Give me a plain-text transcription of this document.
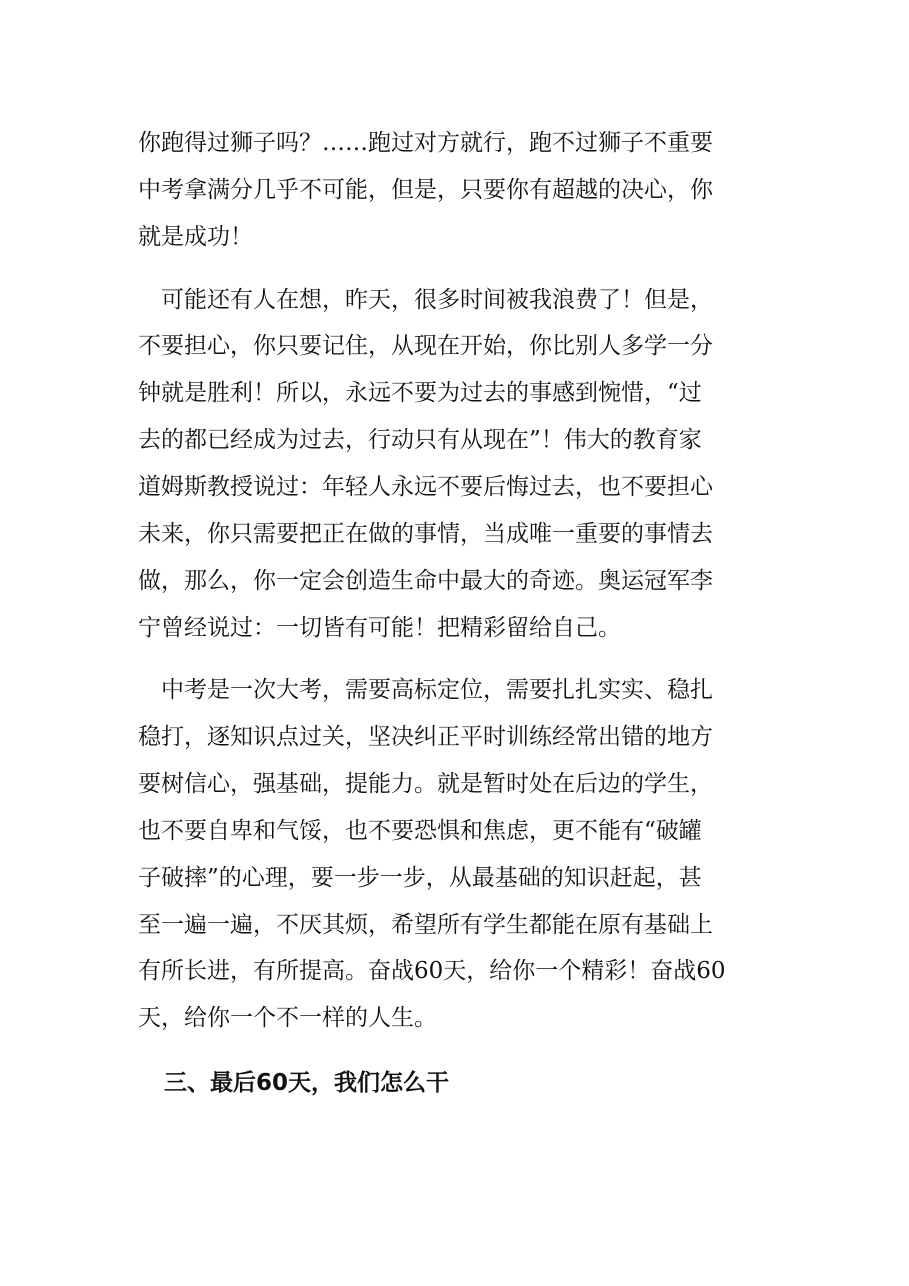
你跑得过狮子吗？……跑过对方就行，跑不过狮子不重要
中考拿满分几乎不可能，但是，只要你有超越的决心，你
就是成功！
　可能还有人在想，昨天，很多时间被我浪费了！但是，
不要担心，你只要记住，从现在开始，你比别人多学一分
钟就是胜利！所以，永远不要为过去的事感到惋惜，“过
去的都已经成为过去，行动只有从现在”！伟大的教育家
道姆斯教授说过：年轻人永远不要后悔过去，也不要担心
未来，你只需要把正在做的事情，当成唯一重要的事情去
做，那么，你一定会创造生命中最大的奇迹。奥运冠军李
宁曾经说过：一切皆有可能！把精彩留给自己。
　中考是一次大考，需要高标定位，需要扎扎实实、稳扎
稳打，逐知识点过关，坚决纠正平时训练经常出错的地方
要树信心，强基础，提能力。就是暂时处在后边的学生，
也不要自卑和气馁，也不要恐惧和焦虑，更不能有“破罐
子破摔”的心理，要一步一步，从最基础的知识赶起，甚
至一遍一遍，不厌其烦，希望所有学生都能在原有基础上
有所长进，有所提高。奋战60天，给你一个精彩！奋战60
天，给你一个不一样的人生。
三、最后60天，我们怎么干
